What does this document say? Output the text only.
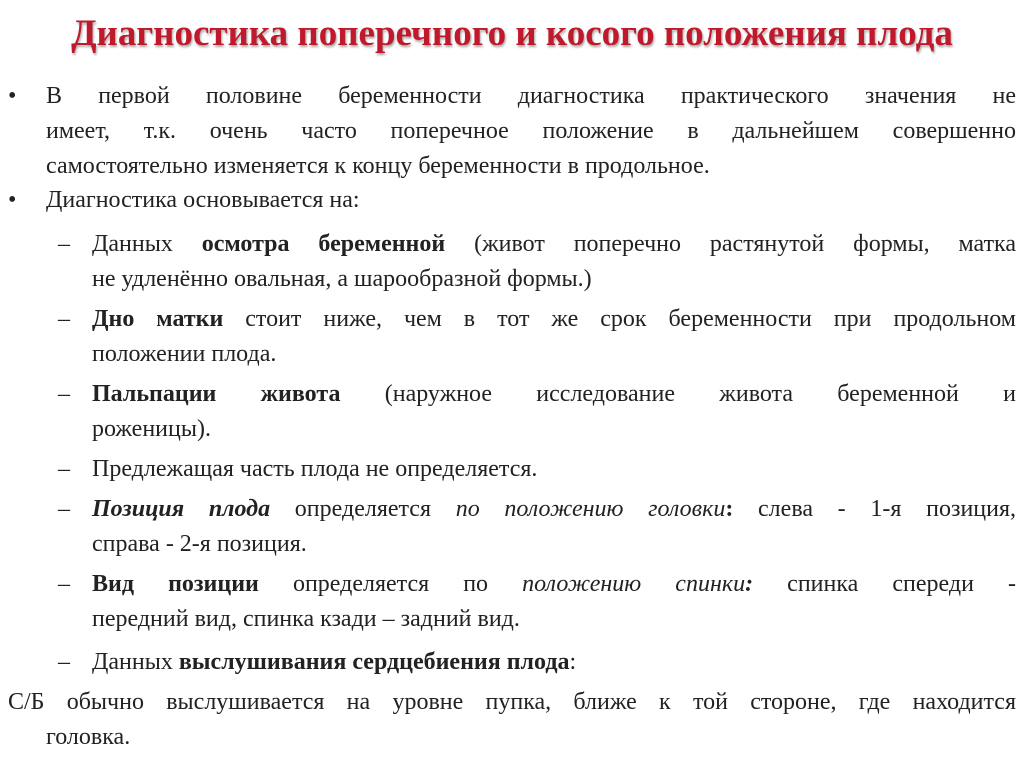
Диагностика поперечного и косого положения плода
• В первой половине беременности диагностика практического значения не
имеет, т.к. очень часто поперечное положение в дальнейшем совершенно
самостоятельно изменяется к концу беременности в продольное.
• Диагностика основывается на:
– Данных осмотра беременной (живот поперечно растянутой формы, матка
не удленённо овальная, а шарообразной формы.)
– Дно матки стоит ниже, чем в тот же срок беременности при продольном
положении плода.
– Пальпации живота (наружное исследование живота беременной и
роженицы).
– Предлежащая часть плода не определяется.
– Позиция плода определяется по положению головки: слева - 1-я позиция,
справа - 2-я позиция.
– Вид позиции определяется по положению спинки: спинка спереди -
передний вид, спинка кзади – задний вид.
– Данных выслушивания сердцебиения плода:
С/Б обычно выслушивается на уровне пупка, ближе к той стороне, где находится
головка.
